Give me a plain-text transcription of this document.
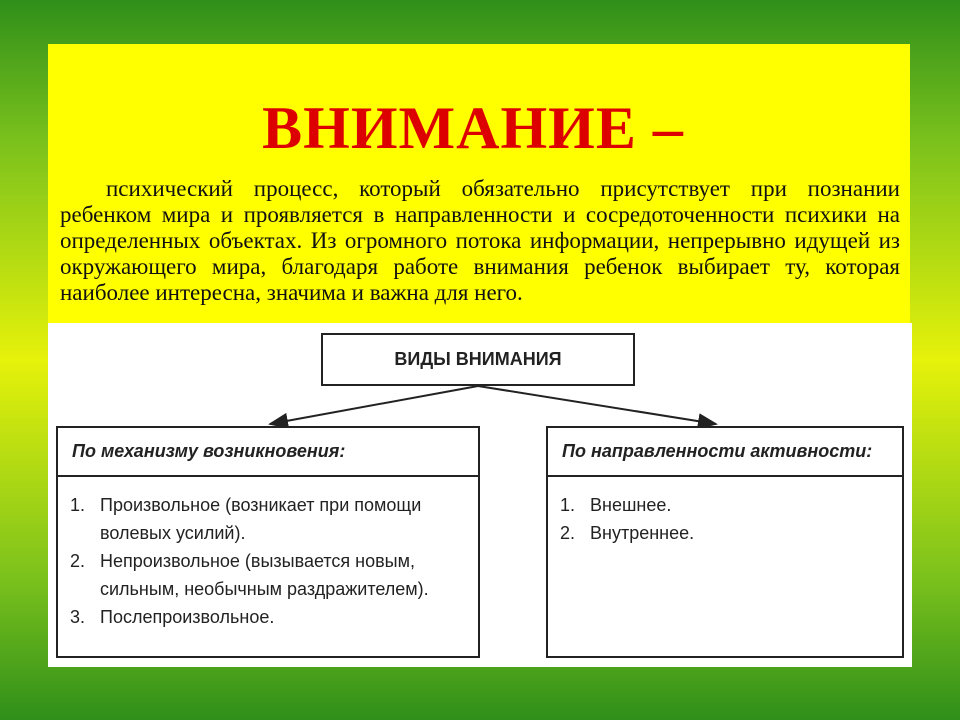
ВНИМАНИЕ –

психический процесс, который обязательно присутствует при познании ребенком мира и проявляется в направленности и сосредоточенности психики на определенных объектах. Из огромного потока информации, непрерывно идущей из окружающего мира, благодаря работе внимания ребенок выбирает ту, которая наиболее интересна, значима и важна для него.

ВИДЫ ВНИМАНИЯ
По механизму возникновения:
1. Произвольное (возникает при помощи волевых усилий).
2. Непроизвольное (вызывается новым, сильным, необычным раздражителем).
3. Послепроизвольное.
По направленности активности:
1. Внешнее.
2. Внутреннее.
